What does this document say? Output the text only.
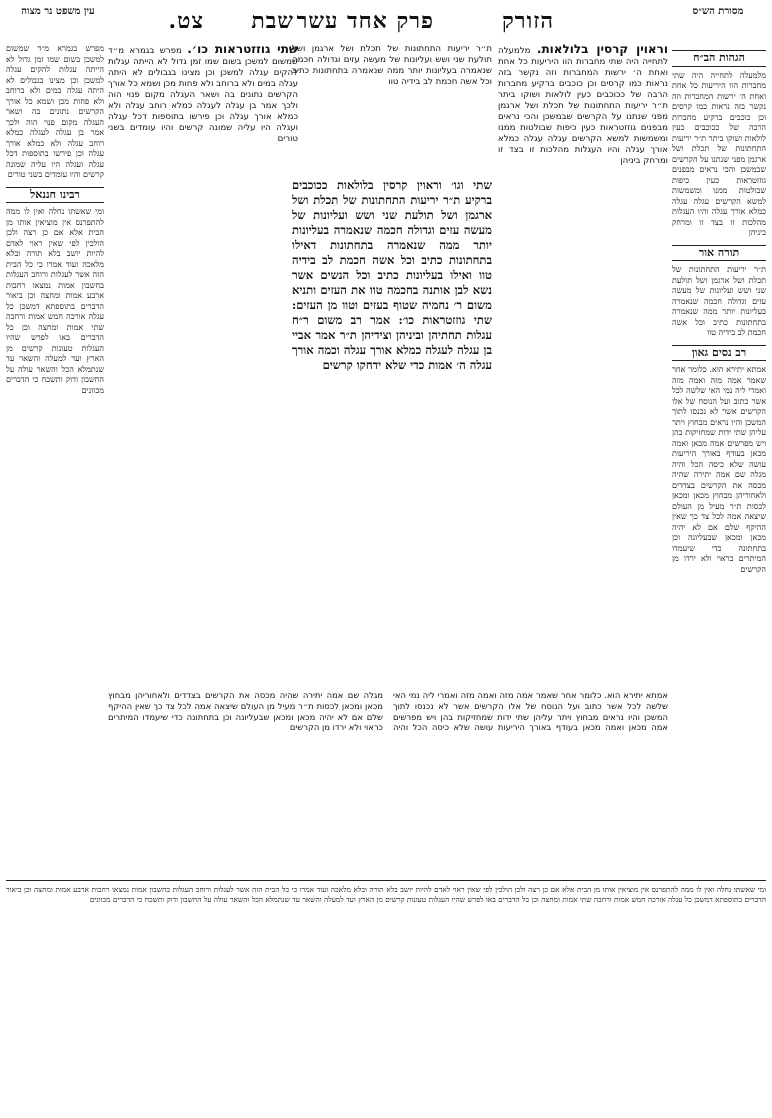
מסורת הש״ס
הזורק
פרק אחד עשר
שבת
צט.
עין משפט נר מצוה
הגהות הב״ח
מלמעלה לתחייה היה שתי מחברות הוו היריעות כל אחת ואחת ה׳ ירשות המחברות וזה נקשר בזה נראות כמו קרסים וכן כוכבים ברקיע מחברות הרבה של ככוכבים כעין לולאות ושוקו ביתר ת״ר יריעות התחתונות של תכלת ושל ארגמן מפני שנתנו על הקרשים שבמשכן והכי נראים מבפנים גוזזטראות כעין כיפות שבולטות ממנו ומשמשות למשא הקרשים עגלה עגלה כמלא אורך עגלה והיו העגלות מהלכות זו בצד זו ומרחק ביניהן
תורה אור
ת״ר יריעות התחתונות של תכלת ושל ארגמן ושל תולעת שני ושש ועליונות של מעשה עזים וגדולה חכמה שנאמרה בעליונות יותר ממה שנאמרה בתחתונות כתיב וכל אשה חכמת לב בידיה טוו
רב נסים גאון
אמתא יתירא הוא. כלומר אחר שאמר אמה מזה ואמה מזה ואמרי ליה נמי האי שלשה לכל אשר כתוב ועל הנוסח של אלו הקרשים אשר לא נכנסו לתוך המשכן והיו נראים מבחוץ ויתר עליהן שתי ידות שמחזיקות בהן ויש מפרשים אמה מכאן ואמה מכאן בעודף באורך היריעות עושה שלא כיסה הכל והיה מגלה שם אמה יתירה שהיה מכסה את הקרשים בצדדים ולאחוריהן מבחוץ מכאן ומכאן לכסות ת״ר מעיל מן העולם שיצאה אמה לכל צד כך שאין ההיקף שלם אם לא יהיה מכאן ומכאן שבעליונה וכן בתחתונה כדי שיעמדו המיתרים כראוי ולא ירדו מן הקרשים
מפרש בגמרא מ״ד שמשום למשכן בשום שמו זמן גדול לא הייתה עגלות להקים עגלה למשכן וכן מצינו בגבולים לא היתה עגלה במים ולא ברוחב ולא פחות מכן ושמא כל אורך הקרשים נתונים בה ושאר העגלה מקום פנוי הוה ולכך אמר בן עגלה לעגלה כמלא רוחב עגלה ולא כמלא אורך עגלה וכן פירשו בתוספות דכל עגלה ועגלה היו עליה שמונה קרשים והיו עומדים בשני טורים
רבינו חננאל
ומי שאשתו נחלה ואין לו ממה להתפרנס אין מוציאין אותו מן הבית אלא אם כן רצה ולכן הולכין לפי שאין ראוי לאדם להיות יושב בלא תורה ובלא מלאכה ועוד אמרו כי כל הבית הזה אשר לעגלות ורוחב העגלות בחשבון אמות נמצאו רחבות ארבע אמות ומחצה וכן ביאור הדברים בתוספתא דמשכן כל עגלה אורכה חמש אמות ורחבה שתי אמות ומחצה וכן כל הדברים באו לפרש שהיו העגלות טעונות קרשים מן הארץ ועד למעלה והשאר עד שנתמלא הכל והשאר עולה על החשבון ודוק ותשכח כי הדברים מכוונים
וראוין קרסין בלולאות. מלמעלה לתחייה היה שתי מחברות הוו היריעות כל אחת ואחת ה׳ ירשות המחברות וזה נקשר בזה נראות כמו קרסים וכן כוכבים ברקיע מחברות הרבה של ככוכבים כעין לולאות ושוקו ביתר ת״ר יריעות התחתונות של תכלת ושל ארגמן מפני שנתנו על הקרשים שבמשכן והכי נראים מבפנים גוזזטראות כעין כיפות שבולטות ממנו ומשמשות למשא הקרשים עגלה עגלה כמלא אורך עגלה והיו העגלות מהלכות זו בצד זו ומרחק ביניהן
ת״ר יריעות התחתונות של תכלת ושל ארגמן ושל תולעת שני ושש ועליונות של מעשה עזים וגדולה חכמה שנאמרה בעליונות יותר ממה שנאמרה בתחתונות כתיב וכל אשה חכמת לב בידיה טוו
שתי וגו׳ וראוין קרסין בלולאות ככוכבים ברקיע ת״ר יריעות התחתונות של תכלת ושל ארגמן ושל תולעת שני ושש ועליונות של מעשה עזים וגדולה חכמה שנאמרה בעליונות יותר ממה שנאמרה בתחתונות דאילו בתחתונות כתיב וכל אשה חכמת לב בידיה טוו ואילו בעליונות כתיב וכל הנשים אשר נשא לבן אותנה בחכמה טוו את העזים ותניא משום ר׳ נחמיה שטוף בעזים וטוו מן העזים: שתי גוזזטראות כו׳: אמר רב משום ר״ח עגלות תחתיהן וביניהן וצידיהן ת״ר אמר אביי בן עגלה לעגלה כמלא אורך עגלה וכמה אורך עגלה ה׳ אמות כדי שלא ידחקו קרשים
שתי גוזזטראות כו׳. מפרש בגמרא מ״ד שמשום למשכן בשום שמו זמן גדול לא הייתה עגלות להקים עגלה למשכן וכן מצינו בגבולים לא היתה עגלה במים ולא ברוחב ולא פחות מכן ושמא כל אורך הקרשים נתונים בה ושאר העגלה מקום פנוי הוה ולכך אמר בן עגלה לעגלה כמלא רוחב עגלה ולא כמלא אורך עגלה וכן פירשו בתוספות דכל עגלה ועגלה היו עליה שמונה קרשים והיו עומדים בשני טורים
אמתא יתירא הוא. כלומר אחר שאמר אמה מזה ואמה מזה ואמרי ליה נמי האי שלשה לכל אשר כתוב ועל הנוסח של אלו הקרשים אשר לא נכנסו לתוך המשכן והיו נראים מבחוץ ויתר עליהן שתי ידות שמחזיקות בהן ויש מפרשים אמה מכאן ואמה מכאן בעודף באורך היריעות עושה שלא כיסה הכל והיה מגלה שם אמה יתירה שהיה מכסה את הקרשים בצדדים ולאחוריהן מבחוץ מכאן ומכאן לכסות ת״ר מעיל מן העולם שיצאה אמה לכל צד כך שאין ההיקף שלם אם לא יהיה מכאן ומכאן שבעליונה וכן בתחתונה כדי שיעמדו המיתרים כראוי ולא ירדו מן הקרשים
ומי שאשתו נחלה ואין לו ממה להתפרנס אין מוציאין אותו מן הבית אלא אם כן רצה ולכן הולכין לפי שאין ראוי לאדם להיות יושב בלא תורה ובלא מלאכה ועוד אמרו כי כל הבית הזה אשר לעגלות ורוחב העגלות בחשבון אמות נמצאו רחבות ארבע אמות ומחצה וכן ביאור הדברים בתוספתא דמשכן כל עגלה אורכה חמש אמות ורחבה שתי אמות ומחצה וכן כל הדברים באו לפרש שהיו העגלות טעונות קרשים מן הארץ ועד למעלה והשאר עד שנתמלא הכל והשאר עולה על החשבון ודוק ותשכח כי הדברים מכוונים
